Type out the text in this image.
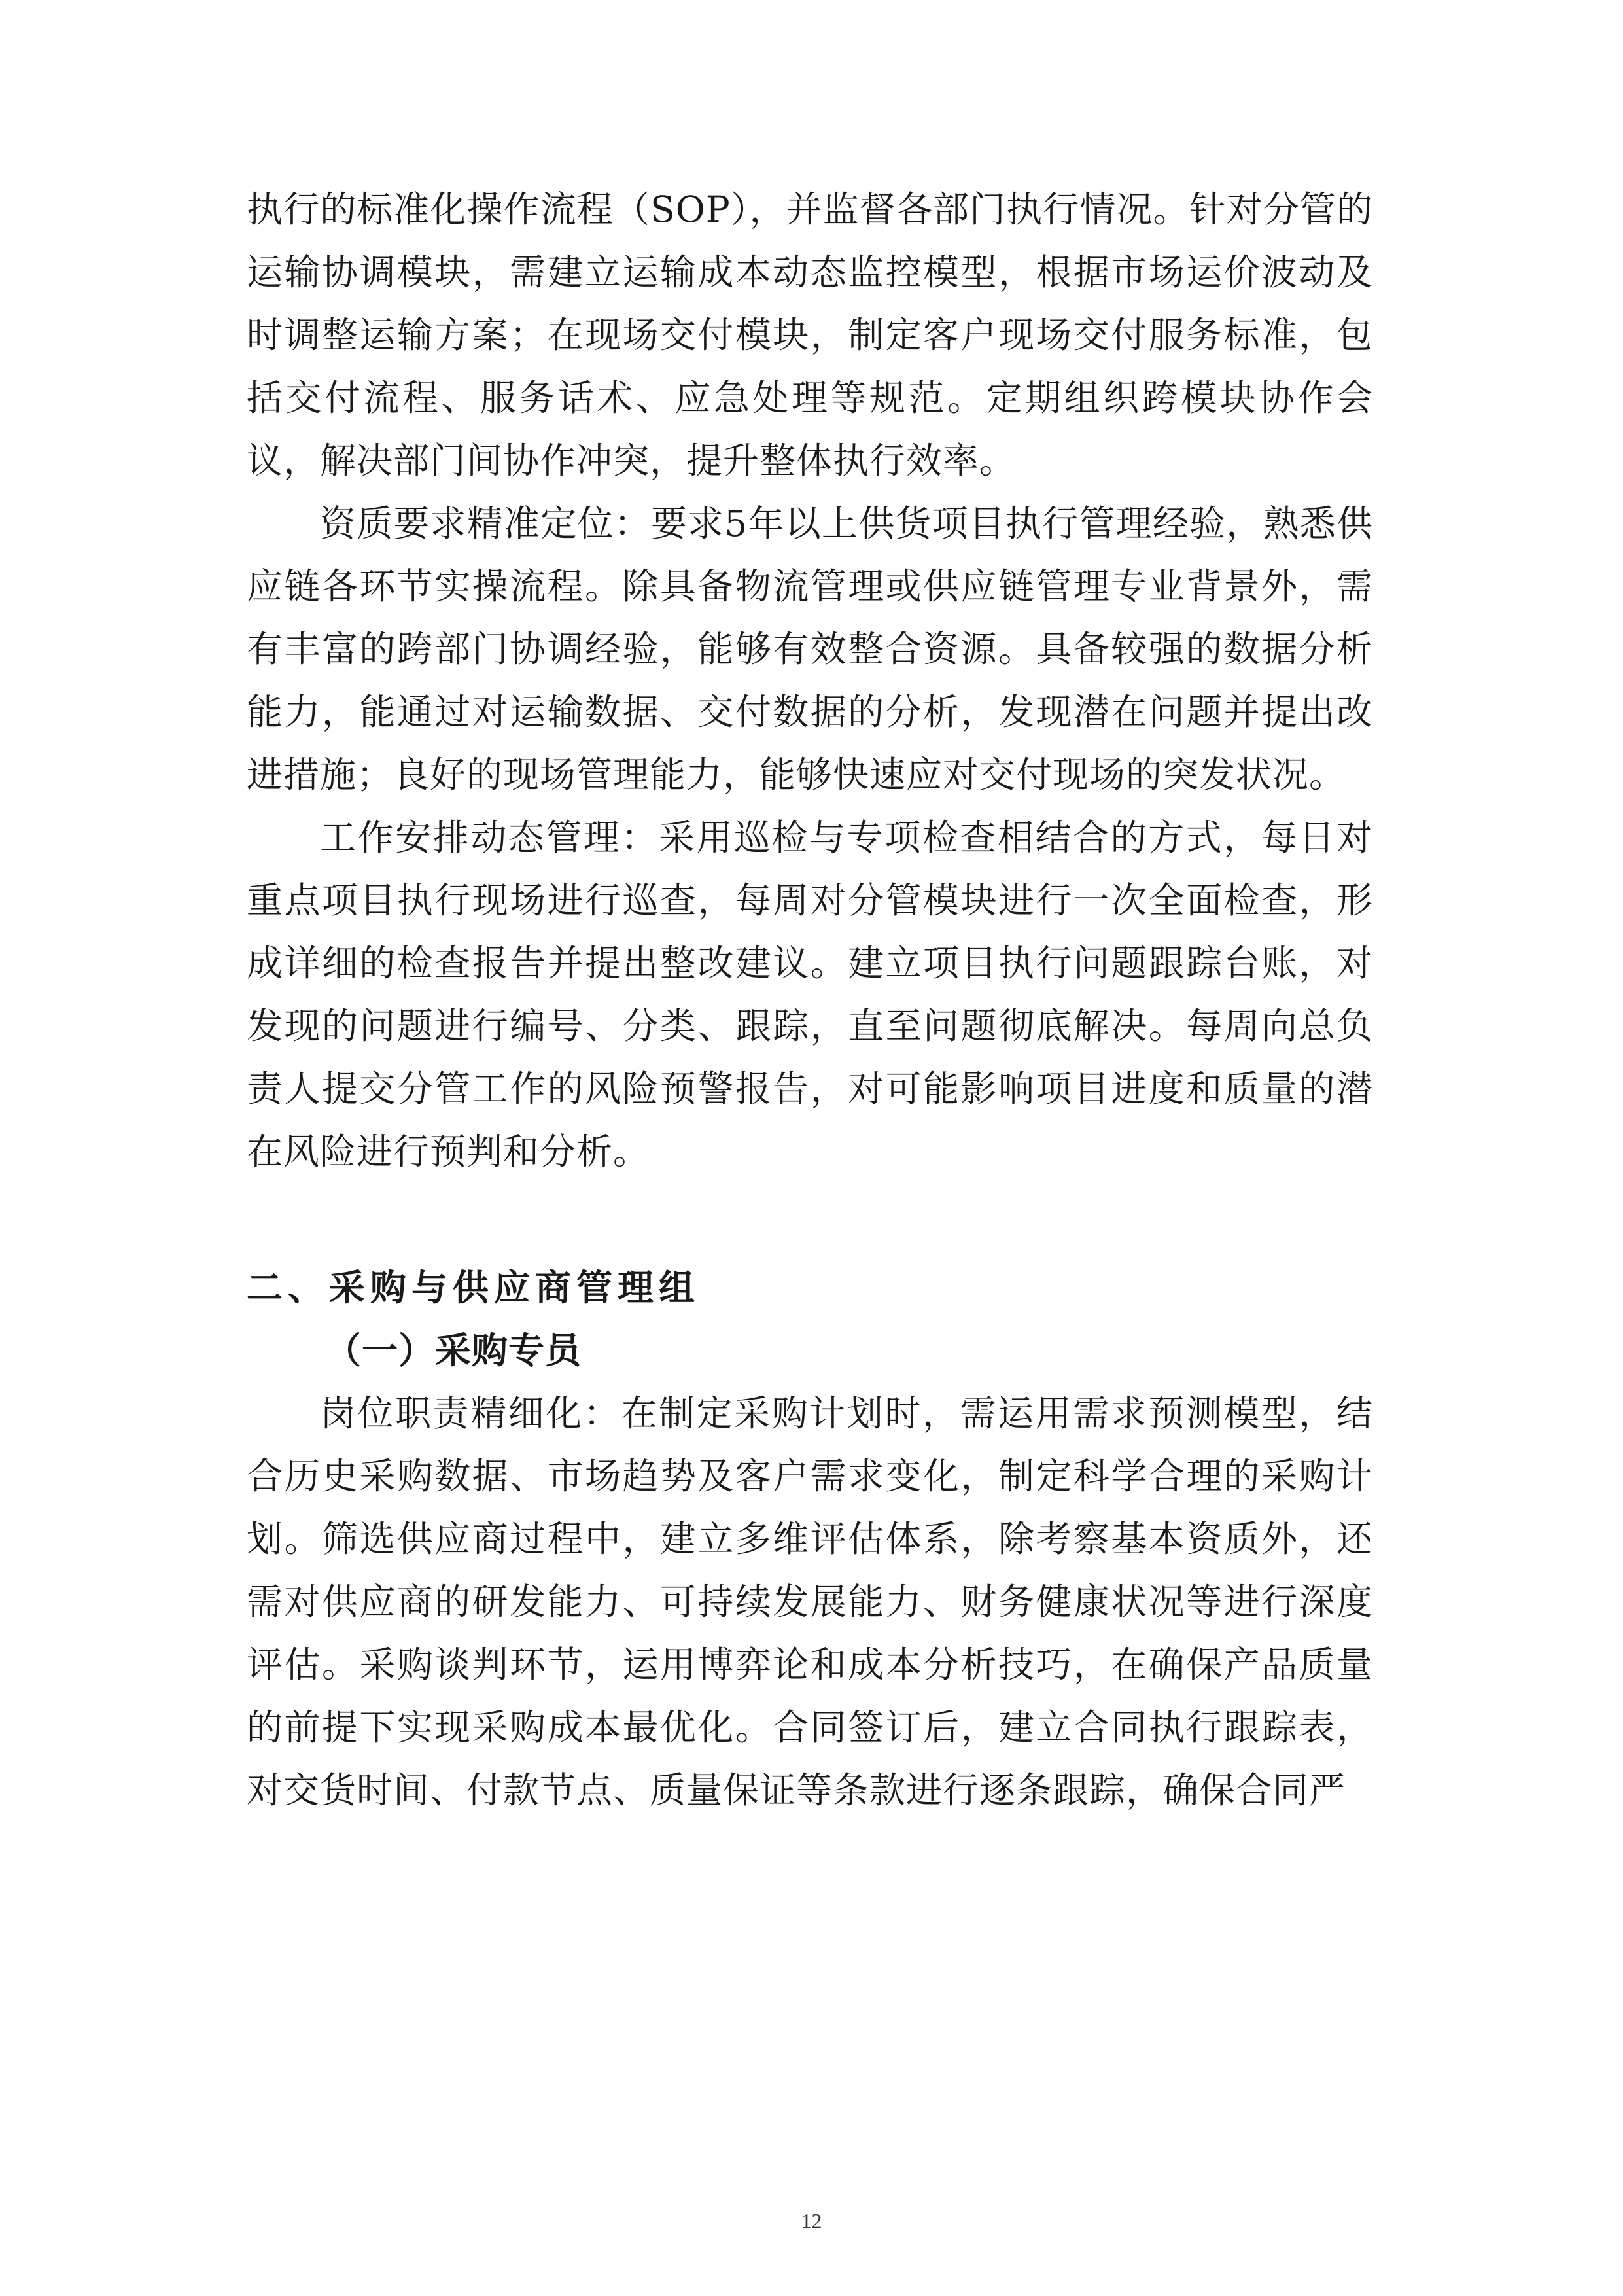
执行的标准化操作流程（SOP），并监督各部门执行情况。针对分管的运输协调模块，需建立运输成本动态监控模型，根据市场运价波动及时调整运输方案；在现场交付模块，制定客户现场交付服务标准，包括交付流程、服务话术、应急处理等规范。定期组织跨模块协作会议，解决部门间协作冲突，提升整体执行效率。

资质要求精准定位：要求5年以上供货项目执行管理经验，熟悉供应链各环节实操流程。除具备物流管理或供应链管理专业背景外，需有丰富的跨部门协调经验，能够有效整合资源。具备较强的数据分析能力，能通过对运输数据、交付数据的分析，发现潜在问题并提出改进措施；良好的现场管理能力，能够快速应对交付现场的突发状况。

工作安排动态管理：采用巡检与专项检查相结合的方式，每日对重点项目执行现场进行巡查，每周对分管模块进行一次全面检查，形成详细的检查报告并提出整改建议。建立项目执行问题跟踪台账，对发现的问题进行编号、分类、跟踪，直至问题彻底解决。每周向总负责人提交分管工作的风险预警报告，对可能影响项目进度和质量的潜在风险进行预判和分析。

二、采购与供应商管理组
（一）采购专员

岗位职责精细化：在制定采购计划时，需运用需求预测模型，结合历史采购数据、市场趋势及客户需求变化，制定科学合理的采购计划。筛选供应商过程中，建立多维评估体系，除考察基本资质外，还需对供应商的研发能力、可持续发展能力、财务健康状况等进行深度评估。采购谈判环节，运用博弈论和成本分析技巧，在确保产品质量的前提下实现采购成本最优化。合同签订后，建立合同执行跟踪表，对交货时间、付款节点、质量保证等条款进行逐条跟踪，确保合同严

12
